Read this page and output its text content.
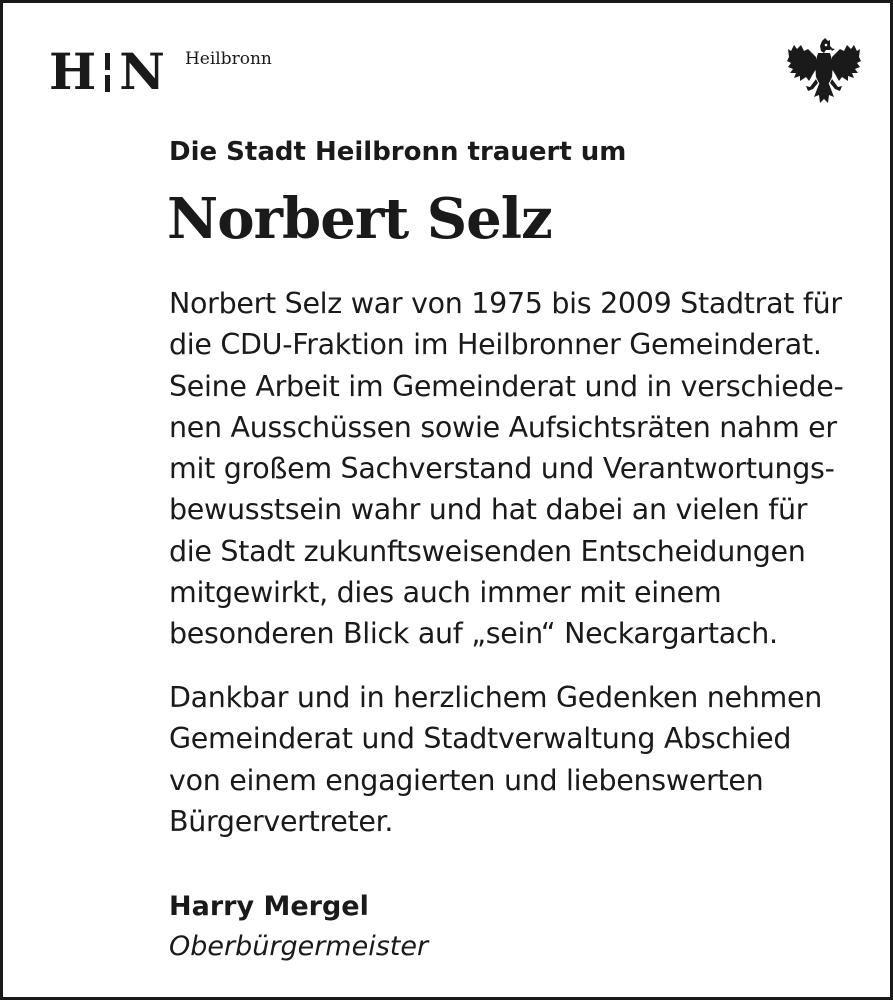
H N Heilbronn
Die Stadt Heilbronn trauert um
Norbert Selz
Norbert Selz war von 1975 bis 2009 Stadtrat für
die CDU-Fraktion im Heilbronner Gemeinderat.
Seine Arbeit im Gemeinderat und in verschiede-
nen Ausschüssen sowie Aufsichtsräten nahm er
mit großem Sachverstand und Verantwortungs-
bewusstsein wahr und hat dabei an vielen für
die Stadt zukunftsweisenden Entscheidungen
mitgewirkt, dies auch immer mit einem
besonderen Blick auf „sein“ Neckargartach.
Dankbar und in herzlichem Gedenken nehmen
Gemeinderat und Stadtverwaltung Abschied
von einem engagierten und liebenswerten
Bürgervertreter.

Harry Mergel

Oberbürgermeister
